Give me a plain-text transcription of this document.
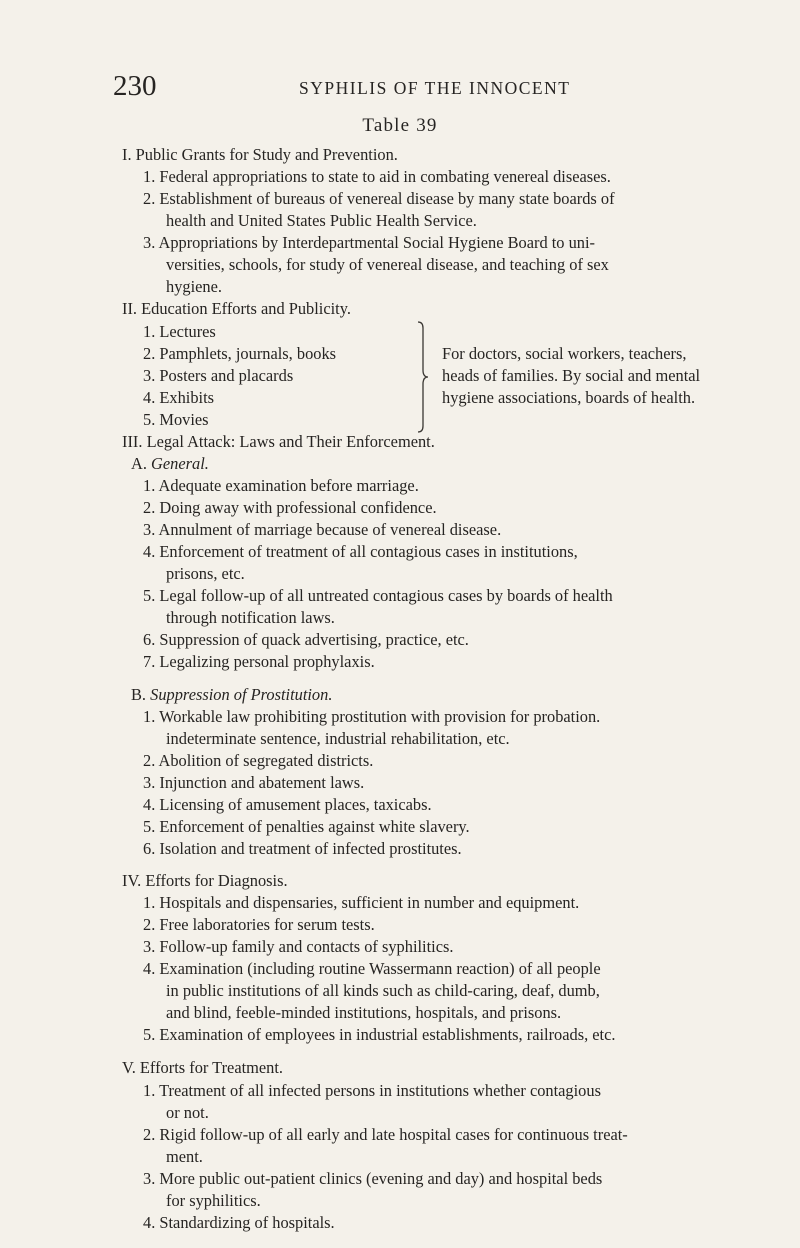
230	SYPHILIS OF THE INNOCENT
Table 39
I. Public Grants for Study and Prevention.
1. Federal appropriations to state to aid in combating venereal diseases.
2. Establishment of bureaus of venereal disease by many state boards of
health and United States Public Health Service.
3. Appropriations by Interdepartmental Social Hygiene Board to uni-
versities, schools, for study of venereal disease, and teaching of sex
hygiene.
II. Education Efforts and Publicity.
1. Lectures
2. Pamphlets, journals, books
3. Posters and placards
4. Exhibits
5. Movies
For doctors, social workers, teachers,
heads of families. By social and mental
hygiene associations, boards of health.
III. Legal Attack: Laws and Their Enforcement.
A. General.
1. Adequate examination before marriage.
2. Doing away with professional confidence.
3. Annulment of marriage because of venereal disease.
4. Enforcement of treatment of all contagious cases in institutions,
prisons, etc.
5. Legal follow-up of all untreated contagious cases by boards of health
through notification laws.
6. Suppression of quack advertising, practice, etc.
7. Legalizing personal prophylaxis.
B. Suppression of Prostitution.
1. Workable law prohibiting prostitution with provision for probation.
indeterminate sentence, industrial rehabilitation, etc.
2. Abolition of segregated districts.
3. Injunction and abatement laws.
4. Licensing of amusement places, taxicabs.
5. Enforcement of penalties against white slavery.
6. Isolation and treatment of infected prostitutes.
IV. Efforts for Diagnosis.
1. Hospitals and dispensaries, sufficient in number and equipment.
2. Free laboratories for serum tests.
3. Follow-up family and contacts of syphilitics.
4. Examination (including routine Wassermann reaction) of all people
in public institutions of all kinds such as child-caring, deaf, dumb,
and blind, feeble-minded institutions, hospitals, and prisons.
5. Examination of employees in industrial establishments, railroads, etc.
V. Efforts for Treatment.
1. Treatment of all infected persons in institutions whether contagious
or not.
2. Rigid follow-up of all early and late hospital cases for continuous treat-
ment.
3. More public out-patient clinics (evening and day) and hospital beds
for syphilitics.
4. Standardizing of hospitals.
